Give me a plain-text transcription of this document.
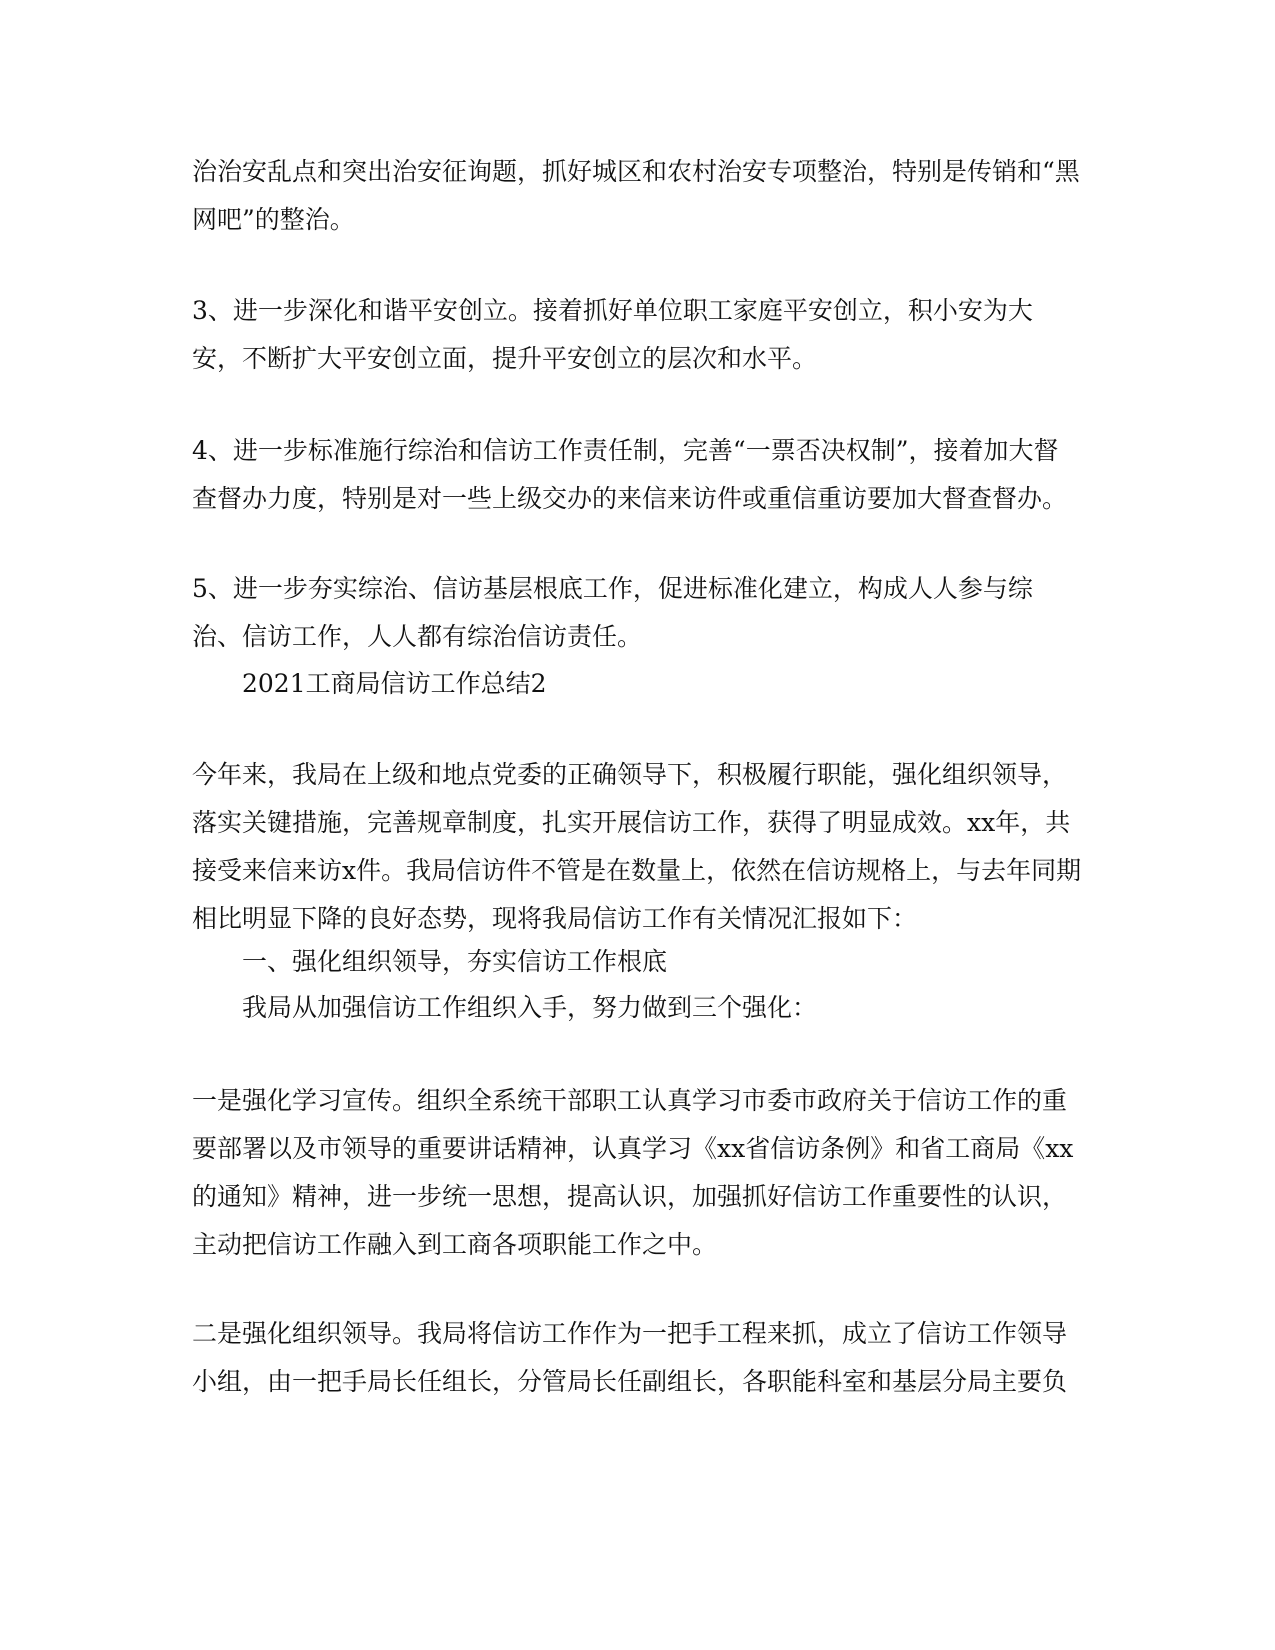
治治安乱点和突出治安征询题，抓好城区和农村治安专项整治，特别是传销和“黑网吧”的整治。

3、进一步深化和谐平安创立。接着抓好单位职工家庭平安创立，积小安为大安，不断扩大平安创立面，提升平安创立的层次和水平。

4、进一步标准施行综治和信访工作责任制，完善“一票否决权制”，接着加大督查督办力度，特别是对一些上级交办的来信来访件或重信重访要加大督查督办。

5、进一步夯实综治、信访基层根底工作，促进标准化建立，构成人人参与综治、信访工作，人人都有综治信访责任。

2021工商局信访工作总结2

今年来，我局在上级和地点党委的正确领导下，积极履行职能，强化组织领导，落实关键措施，完善规章制度，扎实开展信访工作，获得了明显成效。xx年，共接受来信来访x件。我局信访件不管是在数量上，依然在信访规格上，与去年同期相比明显下降的良好态势，现将我局信访工作有关情况汇报如下：

一、强化组织领导，夯实信访工作根底

我局从加强信访工作组织入手，努力做到三个强化：

一是强化学习宣传。组织全系统干部职工认真学习市委市政府关于信访工作的重要部署以及市领导的重要讲话精神，认真学习《xx省信访条例》和省工商局《xx的通知》精神，进一步统一思想，提高认识，加强抓好信访工作重要性的认识，主动把信访工作融入到工商各项职能工作之中。

二是强化组织领导。我局将信访工作作为一把手工程来抓，成立了信访工作领导小组，由一把手局长任组长，分管局长任副组长，各职能科室和基层分局主要负
